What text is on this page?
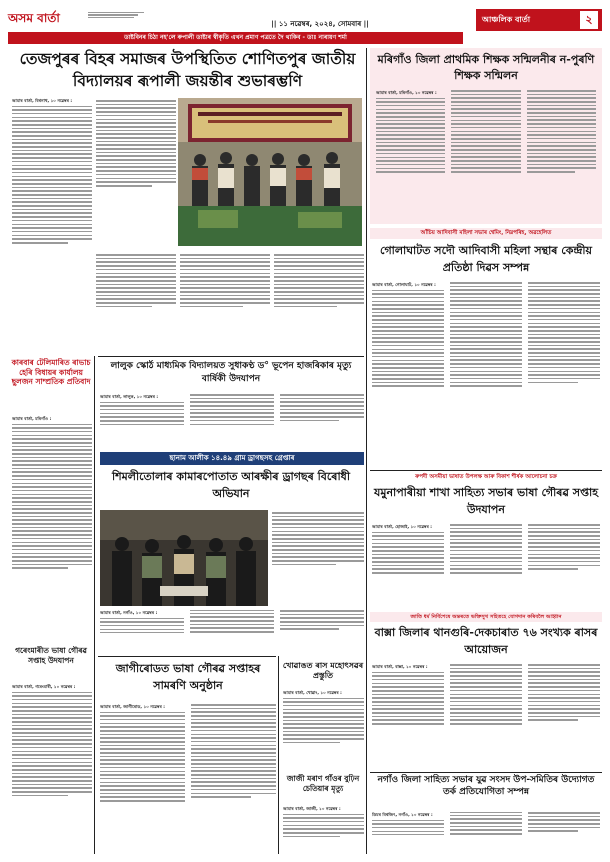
অসম বাৰ্তা	|| ১১ নৱেম্বৰ, ২০২৪, সোমবাৰ ||	আঞ্চলিক বাৰ্তা	২
ডাষ্টবিনৰ চিঠা নহ'লে ৰুপালী ডাষ্টাৰ স্বীকৃতি এখন প্ৰমাণ পত্ৰতে দৈ থাকিব - ডাঃ নাৰায়ণ শৰ্মা
তেজপুৰৰ বিহৰ সমাজৰ উপস্থিতিত শোণিতপুৰ জাতীয় বিদ্যালয়ৰ ৰূপালী জয়ন্তীৰ শুভাৰম্ভণি
আমাৰ বাৰ্তা, বিশ্বনাথ, ১০ নৱেম্বৰ :
কাৰবাৰ টেলিমাৰিত ৰাভাচ হেৰি বিধায়ৰ কাৰ্যালয় ছুলজন সাম্প্ৰতিক প্ৰতিবাদ
আমাৰ বাৰ্তা, মৰিগাঁও :
গৰেংমাৰীত ভাষা গৌৰৱ সপ্তাহ উদযাপন
আমাৰ বাৰ্তা, গৰেংমাৰী, ১০ নৱেম্বৰ :
লালুক স্কোৰ্ঠ মাধ্যমিক বিদ্যালয়ত সুধাকণ্ঠ ড° ভূপেন হাজৰিকাৰ মৃত্যু বাৰ্ষিকী উদযাপন
আমাৰ বাৰ্তা, লালুক, ১০ নৱেম্বৰ :
ছানাম আলীক ১৪.৪৯ গ্ৰাম ড্ৰাগছসহ গ্ৰেপ্তাৰ
শিমলীতোলাৰ কামাৰপোতাত আৰক্ষীৰ ড্ৰাগছৰ বিৰোধী অভিযান
আমাৰ বাৰ্তা, নগাঁও, ১০ নৱেম্বৰ :
জাগীৰোডত ভাষা গৌৰৱ সপ্তাহৰ সামৰণি অনুষ্ঠান
আমাৰ বাৰ্তা, জাগীৰোড, ১০ নৱেম্বৰ :
খোৱাঙত ৰাস মহোৎসৱৰ প্ৰস্তুতি
আমাৰ বাৰ্তা, খোৱাং, ১০ নৱেম্বৰ :
জাজী মৰাণ গাঁওৰ বুঢ়িন চেতিয়াৰ মৃত্যু
আমাৰ বাৰ্তা, জাজী, ১০ নৱেম্বৰ :
মৰিগাঁও জিলা প্ৰাথমিক শিক্ষক সন্মিলনীৰ ন-পুৰণি শিক্ষক সন্মিলন
আমাৰ বাৰ্তা, মৰিগাঁও, ১০ নৱেম্বৰ :
আঁচিয় আদিবাসী মহিলা সভাৰ শ্বেমিং, নিম্নপৰিহ, অৱহেলিত
গোলাঘাটত সদৌ আদিবাসী মহিলা সন্থাৰ কেন্দ্ৰীয় প্ৰতিষ্ঠা দিৱস সম্পন্ন
আমাৰ বাৰ্তা, গোলাঘাট, ১০ নৱেম্বৰ :
ৰুপদী অসমীয়া ভাষাত উপলক্ষ আৰু বিকাশ শীৰ্ষক আলোচনা চক্ৰ
যমুনাপাৰীয়া শাখা সাহিত্য সভাৰ ভাষা গৌৰৱ সপ্তাহ উদযাপন
আমাৰ বাৰ্তা, হোজাই, ১০ নৱেম্বৰ :
জাতি ধৰ্ম নিৰ্বিশেষে অন্তৰতে ভক্তিসুখ সহিতহে যোগদান কৰিবলৈ আহ্বান
বাক্সা জিলাৰ থানগুৰি-দেকচাৰাত ৭৬ সংখ্যক ৰাসৰ আয়োজন
আমাৰ বাৰ্তা, বাক্সা, ১০ নৱেম্বৰ :
নগাঁও জিলা সাহিত্য সভাৰ যুৱ সংসদ উপ-সমিতিৰ উদ্যোগত তৰ্ক প্ৰতিযোগিতা সম্পন্ন
ডিমৰ বিশ্বজিৎ, নগাঁও, ১০ নৱেম্বৰ :
